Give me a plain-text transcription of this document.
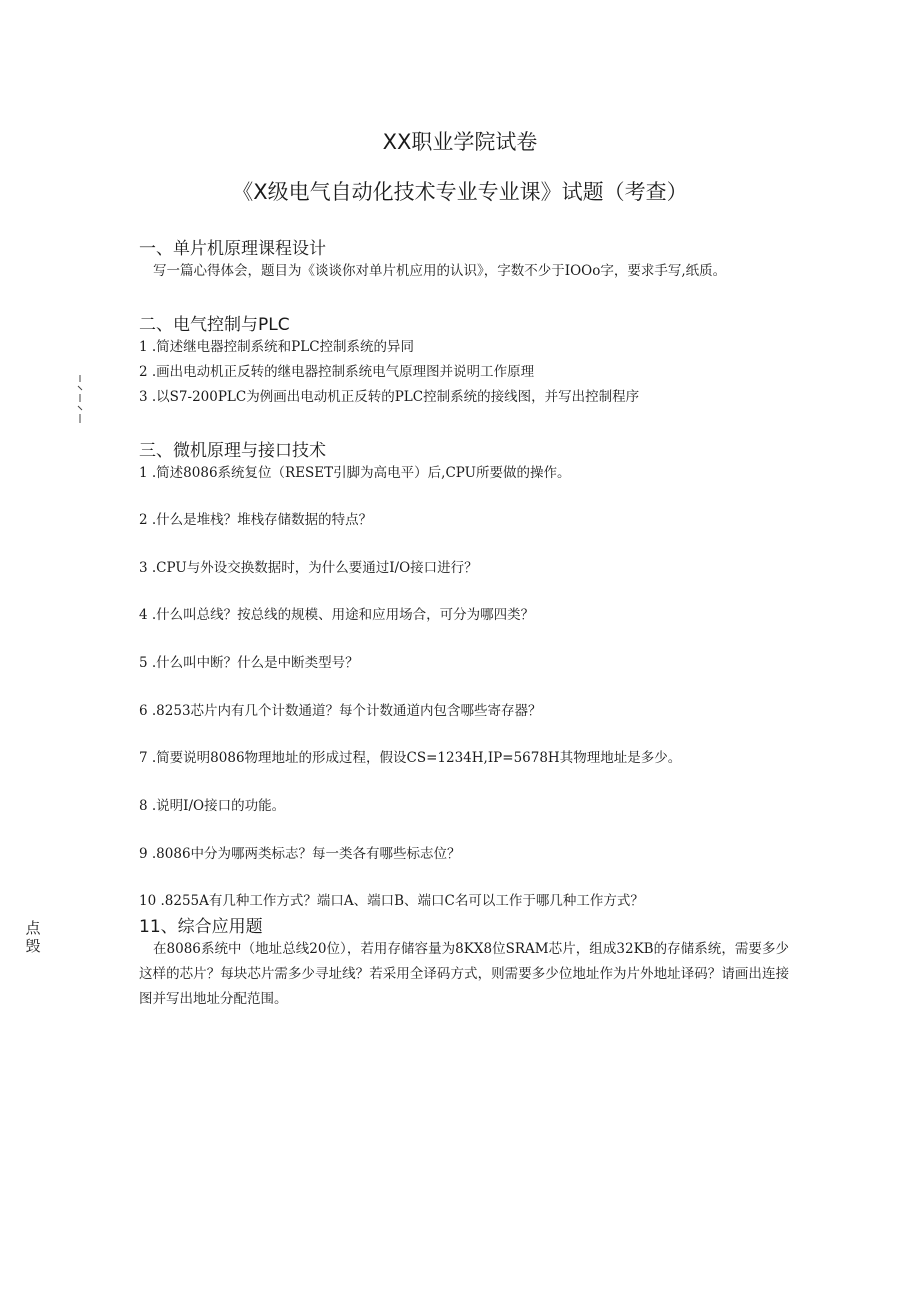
XX职业学院试卷
《X级电气自动化技术专业专业课》试题（考查）
一、单片机原理课程设计
写一篇心得体会，题目为《谈谈你对单片机应用的认识》，字数不少于IOOo字，要求手写,纸质。
二、电气控制与PLC
1 .简述继电器控制系统和PLC控制系统的异同
2 .画出电动机正反转的继电器控制系统电气原理图并说明工作原理
3 .以S7-200PLC为例画出电动机正反转的PLC控制系统的接线图，并写出控制程序
三、微机原理与接口技术
1 .简述8086系统复位（RESET引脚为高电平）后,CPU所要做的操作。
2 .什么是堆栈？堆栈存储数据的特点？
3 .CPU与外设交换数据时，为什么要通过I/O接口进行？
4 .什么叫总线？按总线的规模、用途和应用场合，可分为哪四类？
5 .什么叫中断？什么是中断类型号？
6 .8253芯片内有几个计数通道？每个计数通道内包含哪些寄存器？
7 .简要说明8086物理地址的形成过程，假设CS=1234H,IP=5678H其物理地址是多少。
8 .说明I/O接口的功能。
9 .8086中分为哪两类标志？每一类各有哪些标志位？
10 .8255A有几种工作方式？端口A、端口B、端口C名可以工作于哪几种工作方式？
11、综合应用题
在8086系统中（地址总线20位），若用存储容量为8KX8位SRAM芯片，组成32KB的存储系统，需要多少这样的芯片？每块芯片需多少寻址线？若采用全译码方式，则需要多少位地址作为片外地址译码？请画出连接图并写出地址分配范围。
点毁
